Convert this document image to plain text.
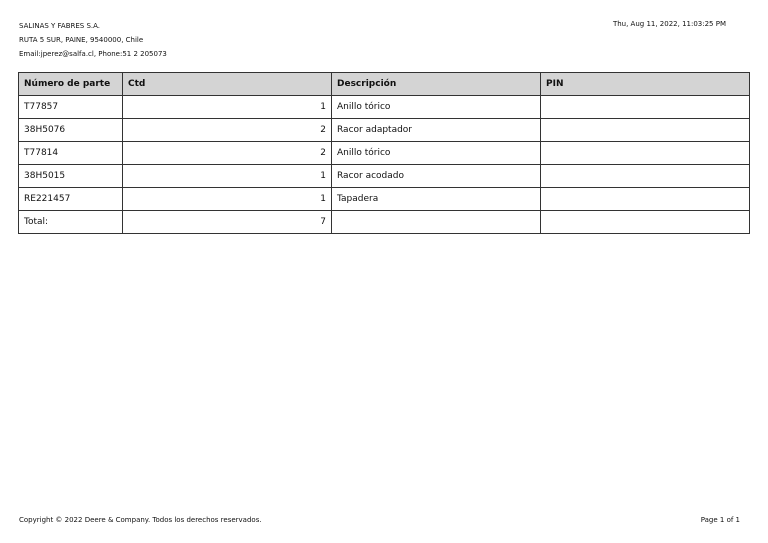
SALINAS Y FABRES S.A.
RUTA 5 SUR, PAINE, 9540000, Chile
Email:jperez@salfa.cl, Phone:51 2 205073
Thu, Aug 11, 2022, 11:03:25 PM
Número de parte	Ctd	Descripción	PIN
T77857	1	Anillo tórico	
38H5076	2	Racor adaptador	
T77814	2	Anillo tórico	
38H5015	1	Racor acodado	
RE221457	1	Tapadera	
Total:	7		
Copyright © 2022 Deere & Company. Todos los derechos reservados.	Page 1 of 1
